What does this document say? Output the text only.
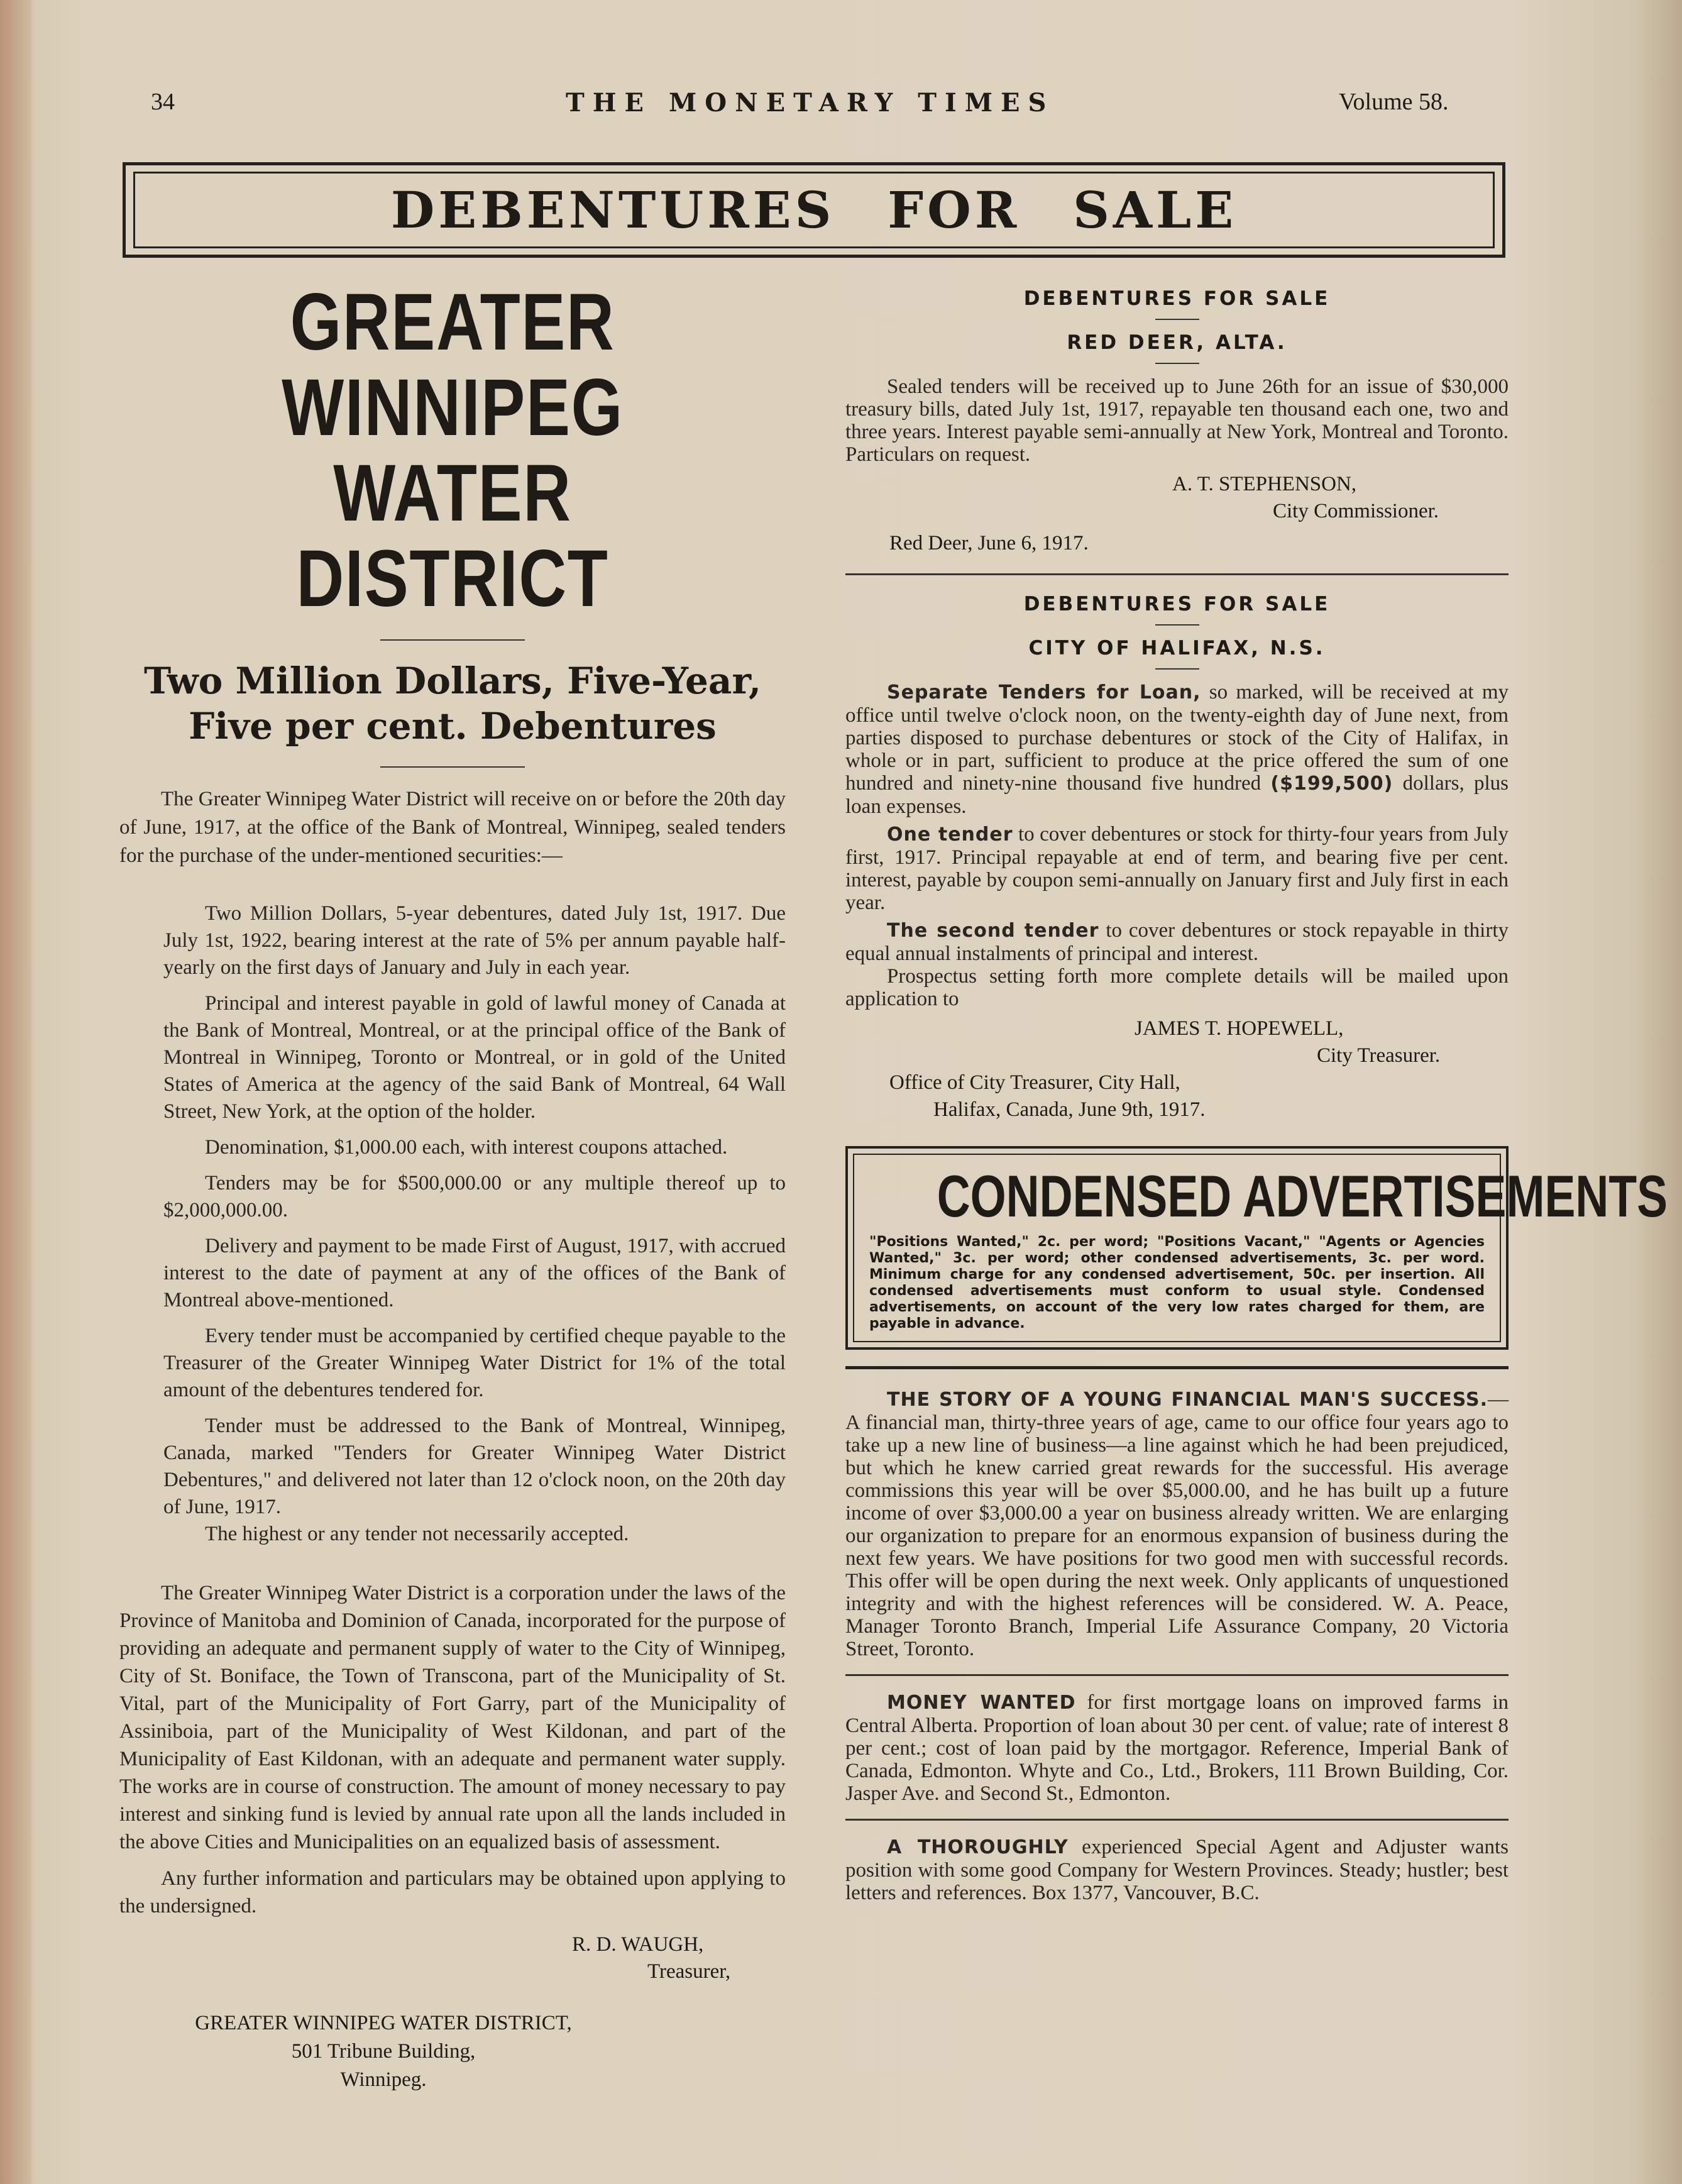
34	THE MONETARY TIMES	Volume 58.
DEBENTURES FOR SALE
GREATER WINNIPEG
WATER DISTRICT
Two Million Dollars, Five-Year,
Five per cent. Debentures

The Greater Winnipeg Water District will receive on or before the 20th day of June, 1917, at the office of the Bank of Montreal, Winnipeg, sealed tenders for the purchase of the under-mentioned securities:—

Two Million Dollars, 5-year debentures, dated July 1st, 1917. Due July 1st, 1922, bearing interest at the rate of 5% per annum payable half-yearly on the first days of January and July in each year.

Principal and interest payable in gold of lawful money of Canada at the Bank of Montreal, Montreal, or at the principal office of the Bank of Montreal in Winnipeg, Toronto or Montreal, or in gold of the United States of America at the agency of the said Bank of Montreal, 64 Wall Street, New York, at the option of the holder.

Denomination, $1,000.00 each, with interest coupons attached.

Tenders may be for $500,000.00 or any multiple thereof up to $2,000,000.00.

Delivery and payment to be made First of August, 1917, with accrued interest to the date of payment at any of the offices of the Bank of Montreal above-mentioned.

Every tender must be accompanied by certified cheque payable to the Treasurer of the Greater Winnipeg Water District for 1% of the total amount of the debentures tendered for.

Tender must be addressed to the Bank of Montreal, Winnipeg, Canada, marked "Tenders for Greater Winnipeg Water District Debentures," and delivered not later than 12 o'clock noon, on the 20th day of June, 1917.

The highest or any tender not necessarily accepted.

The Greater Winnipeg Water District is a corporation under the laws of the Province of Manitoba and Dominion of Canada, incorporated for the purpose of providing an adequate and permanent supply of water to the City of Winnipeg, City of St. Boniface, the Town of Transcona, part of the Municipality of St. Vital, part of the Municipality of Fort Garry, part of the Municipality of Assiniboia, part of the Municipality of West Kildonan, and part of the Municipality of East Kildonan, with an adequate and permanent water supply. The works are in course of construction. The amount of money necessary to pay interest and sinking fund is levied by annual rate upon all the lands included in the above Cities and Municipalities on an equalized basis of assessment.

Any further information and particulars may be obtained upon applying to the undersigned.

R. D. WAUGH,
Treasurer,
GREATER WINNIPEG WATER DISTRICT,
501 Tribune Building,
Winnipeg.
DEBENTURES FOR SALE
RED DEER, ALTA.

Sealed tenders will be received up to June 26th for an issue of $30,000 treasury bills, dated July 1st, 1917, repayable ten thousand each one, two and three years. Interest payable semi-annually at New York, Montreal and Toronto. Particulars on request.

A. T. STEPHENSON,
City Commissioner.
Red Deer, June 6, 1917.
DEBENTURES FOR SALE
CITY OF HALIFAX, N.S.

Separate Tenders for Loan, so marked, will be received at my office until twelve o'clock noon, on the twenty-eighth day of June next, from parties disposed to purchase debentures or stock of the City of Halifax, in whole or in part, sufficient to produce at the price offered the sum of one hundred and ninety-nine thousand five hundred ($199,500) dollars, plus loan expenses.

One tender to cover debentures or stock for thirty-four years from July first, 1917. Principal repayable at end of term, and bearing five per cent. interest, payable by coupon semi-annually on January first and July first in each year.

The second tender to cover debentures or stock repayable in thirty equal annual instalments of principal and interest.

Prospectus setting forth more complete details will be mailed upon application to

JAMES T. HOPEWELL,
City Treasurer.
Office of City Treasurer, City Hall,
Halifax, Canada, June 9th, 1917.
CONDENSED ADVERTISEMENTS

"Positions Wanted," 2c. per word; "Positions Vacant," "Agents or Agencies Wanted," 3c. per word; other condensed advertisements, 3c. per word. Minimum charge for any condensed advertisement, 50c. per insertion. All condensed advertisements must conform to usual style. Condensed advertisements, on account of the very low rates charged for them, are payable in advance.

THE STORY OF A YOUNG FINANCIAL MAN'S SUCCESS.—A financial man, thirty-three years of age, came to our office four years ago to take up a new line of business—a line against which he had been prejudiced, but which he knew carried great rewards for the successful. His average commissions this year will be over $5,000.00, and he has built up a future income of over $3,000.00 a year on business already written. We are enlarging our organization to prepare for an enormous expansion of business during the next few years. We have positions for two good men with successful records. This offer will be open during the next week. Only applicants of unquestioned integrity and with the highest references will be considered. W. A. Peace, Manager Toronto Branch, Imperial Life Assurance Company, 20 Victoria Street, Toronto.

MONEY WANTED for first mortgage loans on improved farms in Central Alberta. Proportion of loan about 30 per cent. of value; rate of interest 8 per cent.; cost of loan paid by the mortgagor. Reference, Imperial Bank of Canada, Edmonton. Whyte and Co., Ltd., Brokers, 111 Brown Building, Cor. Jasper Ave. and Second St., Edmonton.

A THOROUGHLY experienced Special Agent and Adjuster wants position with some good Company for Western Provinces. Steady; hustler; best letters and references. Box 1377, Vancouver, B.C.
